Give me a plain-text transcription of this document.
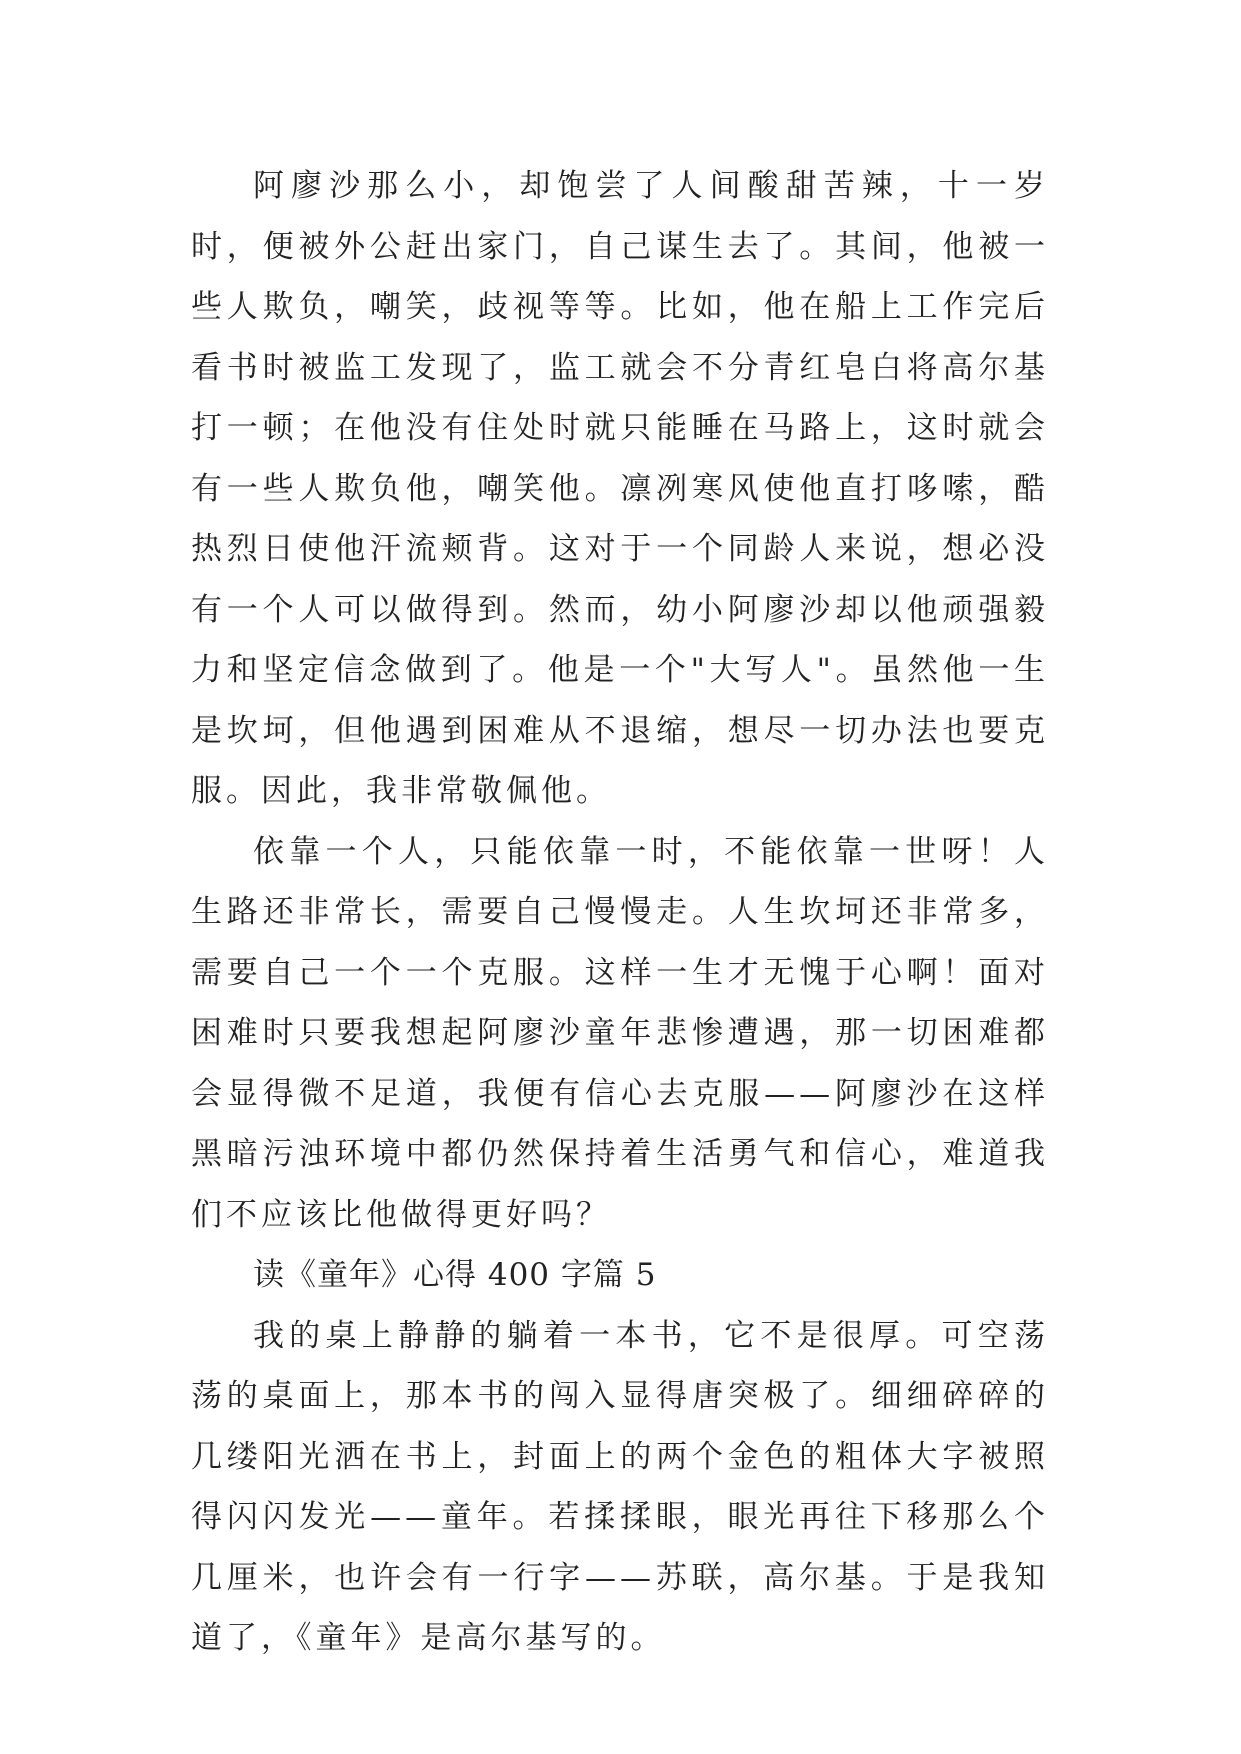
阿廖沙那么小，却饱尝了人间酸甜苦辣，十一岁时，便被外公赶出家门，自己谋生去了。其间，他被一些人欺负，嘲笑，歧视等等。比如，他在船上工作完后看书时被监工发现了，监工就会不分青红皂白将高尔基打一顿；在他没有住处时就只能睡在马路上，这时就会有一些人欺负他，嘲笑他。凛冽寒风使他直打哆嗦，酷热烈日使他汗流颊背。这对于一个同龄人来说，想必没有一个人可以做得到。然而，幼小阿廖沙却以他顽强毅力和坚定信念做到了。他是一个"大写人"。虽然他一生是坎坷，但他遇到困难从不退缩，想尽一切办法也要克服。因此，我非常敬佩他。

依靠一个人，只能依靠一时，不能依靠一世呀！人生路还非常长，需要自己慢慢走。人生坎坷还非常多，需要自己一个一个克服。这样一生才无愧于心啊！面对困难时只要我想起阿廖沙童年悲惨遭遇，那一切困难都会显得微不足道，我便有信心去克服——阿廖沙在这样黑暗污浊环境中都仍然保持着生活勇气和信心，难道我们不应该比他做得更好吗？

读《童年》心得 400 字篇 5

我的桌上静静的躺着一本书，它不是很厚。可空荡荡的桌面上，那本书的闯入显得唐突极了。细细碎碎的几缕阳光洒在书上，封面上的两个金色的粗体大字被照得闪闪发光——童年。若揉揉眼，眼光再往下移那么个几厘米，也许会有一行字——苏联，高尔基。于是我知道了，《童年》是高尔基写的。
